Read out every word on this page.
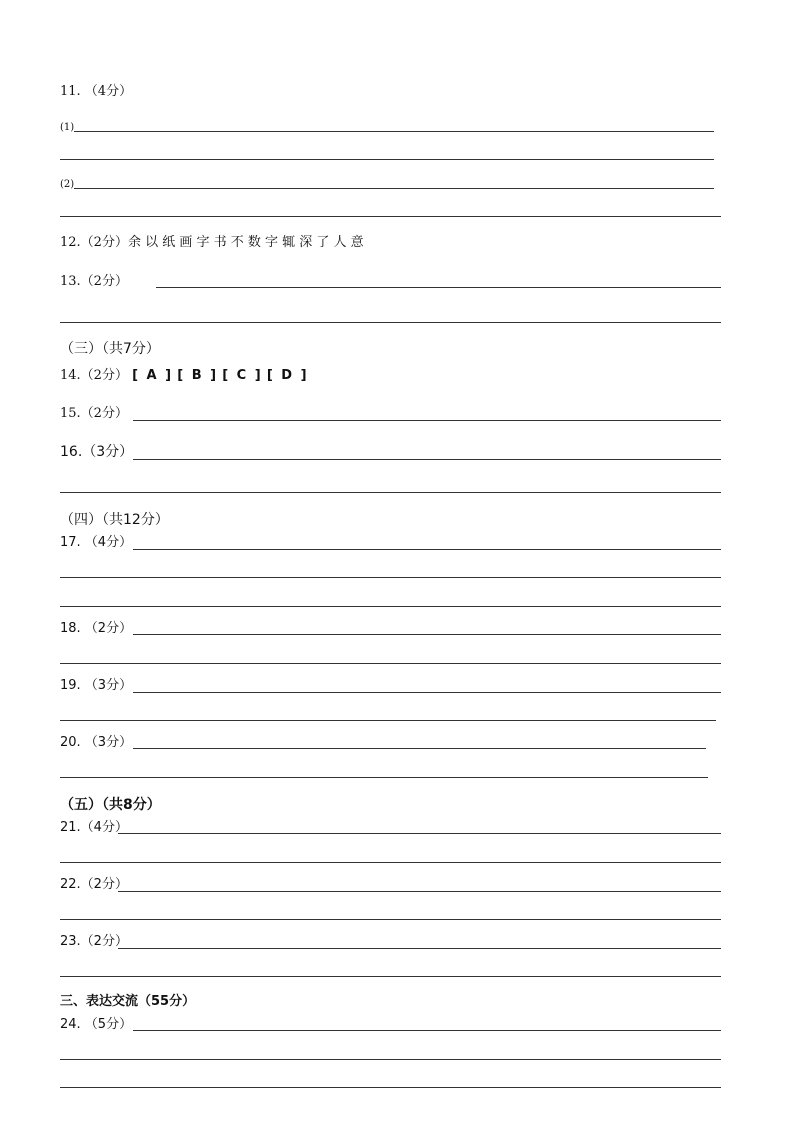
11. （4分）
(1)
(2)
12.（2分）余 以 纸 画 字 书 不 数 字 辄 深 了 人 意
13.（2分）
（三）（共7分）
14.（2分） [ A ] [ B ] [ C ] [ D ]
15.（2分）
16.（3分）
（四）（共12分）
17. （4分）
18. （2分）
19. （3分）
20. （3分）
（五）（共8分）
21.（4分）
22.（2分）
23.（2分）
三、表达交流（55分）
24. （5分）
